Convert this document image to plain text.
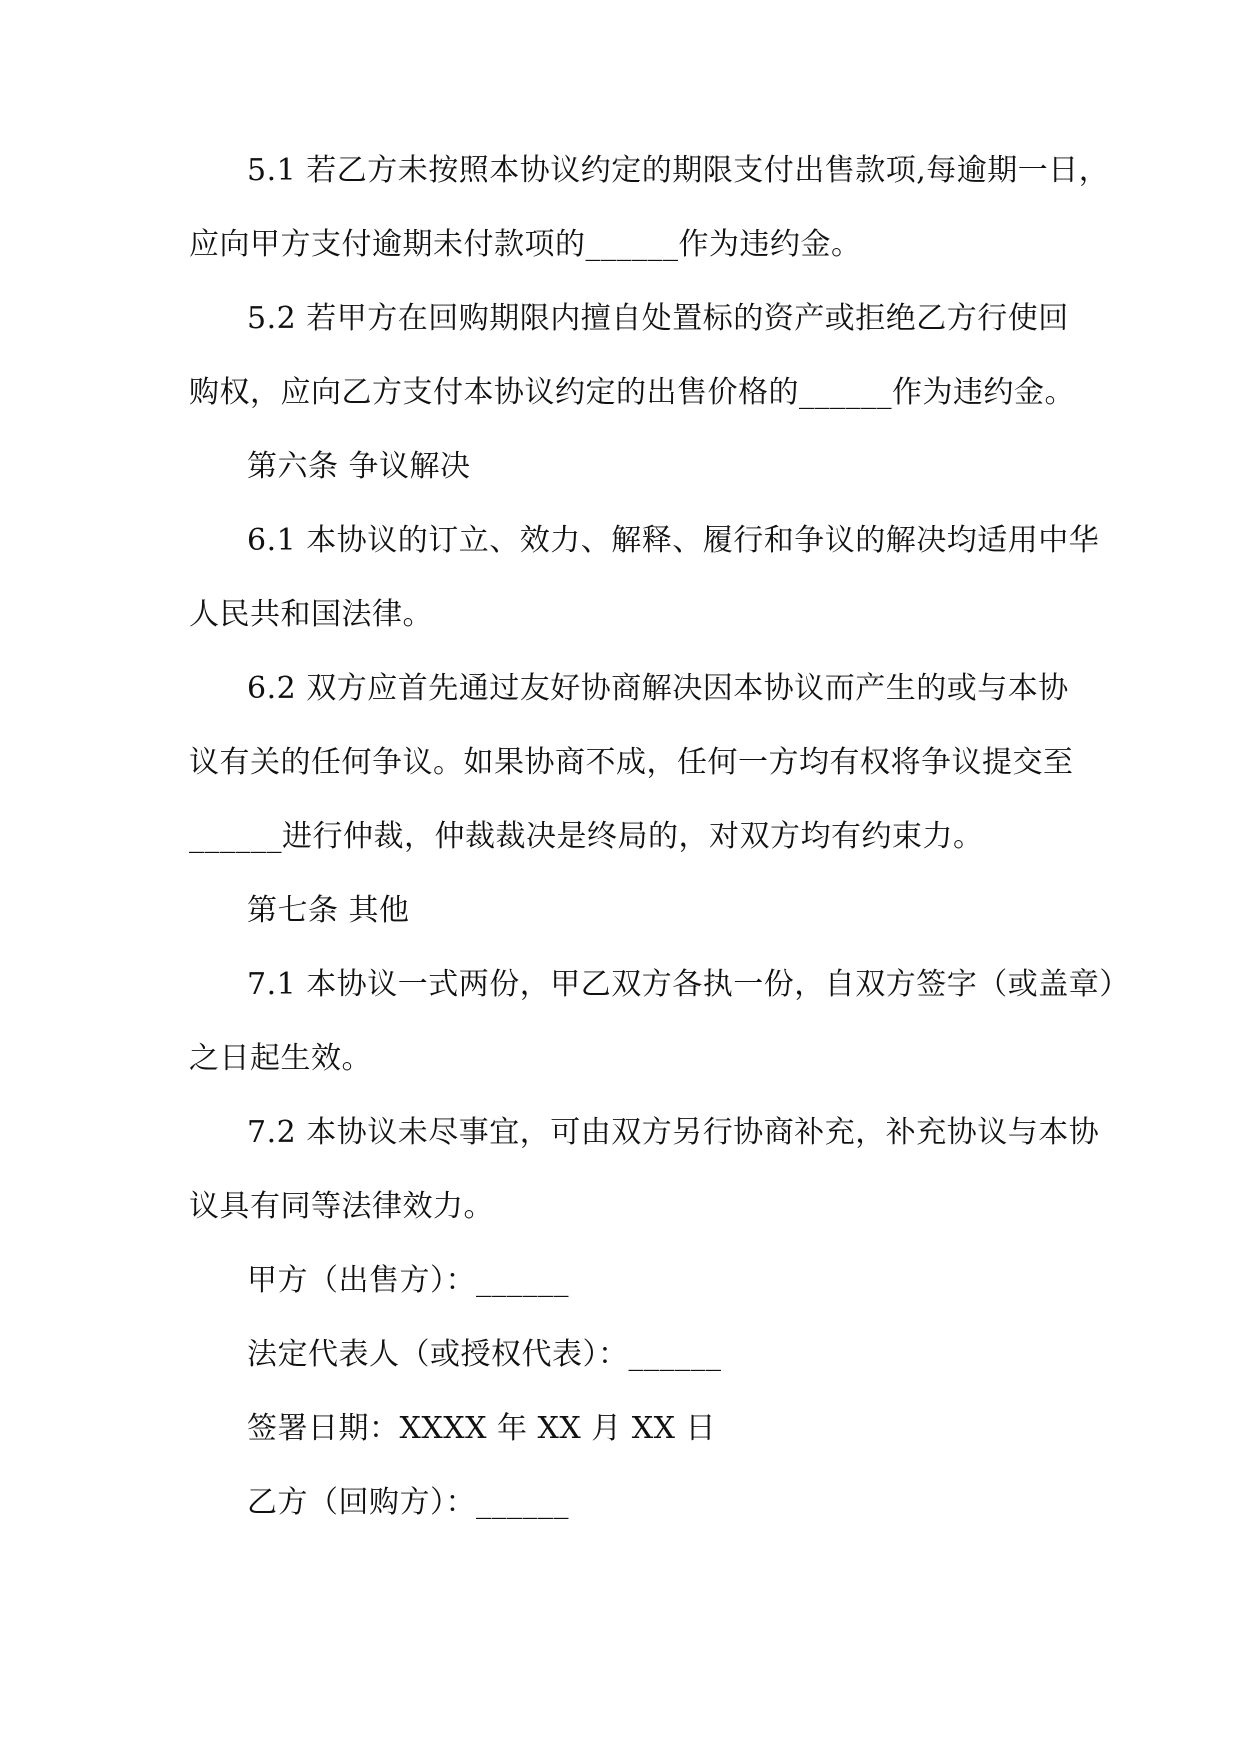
5.1 若乙方未按照本协议约定的期限支付出售款项,每逾期一日，
应向甲方支付逾期未付款项的______作为违约金。
5.2 若甲方在回购期限内擅自处置标的资产或拒绝乙方行使回
购权，应向乙方支付本协议约定的出售价格的______作为违约金。
第六条 争议解决
6.1 本协议的订立、效力、解释、履行和争议的解决均适用中华
人民共和国法律。
6.2 双方应首先通过友好协商解决因本协议而产生的或与本协
议有关的任何争议。如果协商不成，任何一方均有权将争议提交至
______进行仲裁，仲裁裁决是终局的，对双方均有约束力。
第七条 其他
7.1 本协议一式两份，甲乙双方各执一份，自双方签字（或盖章）
之日起生效。
7.2 本协议未尽事宜，可由双方另行协商补充，补充协议与本协
议具有同等法律效力。
甲方（出售方）：______
法定代表人（或授权代表）：______
签署日期：XXXX 年 XX 月 XX 日
乙方（回购方）：______
